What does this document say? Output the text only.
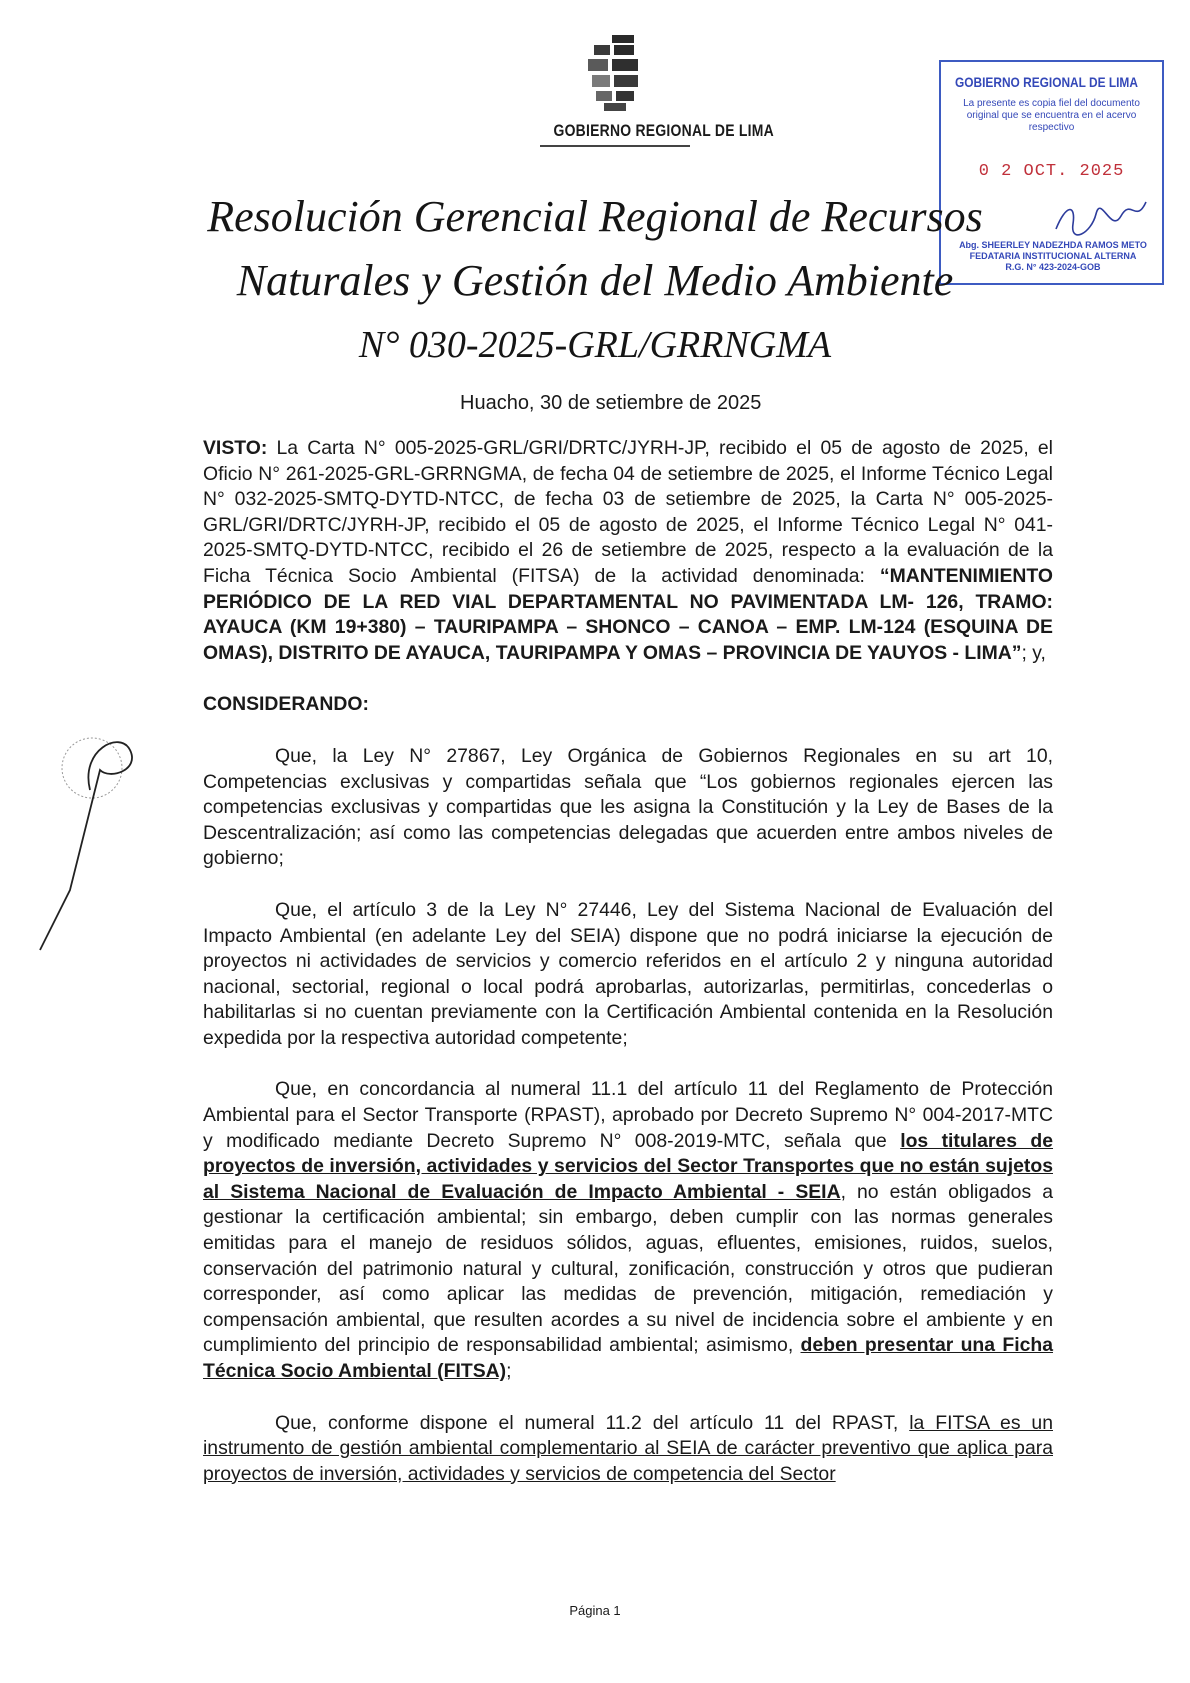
GOBIERNO REGIONAL DE LIMA
GOBIERNO REGIONAL DE LIMA
La presente es copia fiel del documento original que se encuentra en el acervo respectivo
0 2 OCT. 2025
Abg. SHEERLEY NADEZHDA RAMOS METO
FEDATARIA INSTITUCIONAL ALTERNA
R.G. N° 423-2024-GOB
Resolución Gerencial Regional de Recursos
Naturales y Gestión del Medio Ambiente
N° 030-2025-GRL/GRRNGMA
Huacho, 30 de setiembre de 2025

VISTO: La Carta N° 005-2025-GRL/GRI/DRTC/JYRH-JP, recibido el 05 de agosto de 2025, el Oficio N° 261-2025-GRL-GRRNGMA, de fecha 04 de setiembre de 2025, el Informe Técnico Legal N° 032-2025-SMTQ-DYTD-NTCC, de fecha 03 de setiembre de 2025, la Carta N° 005-2025-GRL/GRI/DRTC/JYRH-JP, recibido el 05 de agosto de 2025, el Informe Técnico Legal N° 041-2025-SMTQ-DYTD-NTCC, recibido el 26 de setiembre de 2025, respecto a la evaluación de la Ficha Técnica Socio Ambiental (FITSA) de la actividad denominada: “MANTENIMIENTO PERIÓDICO DE LA RED VIAL DEPARTAMENTAL NO PAVIMENTADA LM- 126, TRAMO: AYAUCA (KM 19+380) – TAURIPAMPA – SHONCO – CANOA – EMP. LM-124 (ESQUINA DE OMAS), DISTRITO DE AYAUCA, TAURIPAMPA Y OMAS – PROVINCIA DE YAUYOS - LIMA”; y,

CONSIDERANDO:

Que, la Ley N° 27867, Ley Orgánica de Gobiernos Regionales en su art 10, Competencias exclusivas y compartidas señala que “Los gobiernos regionales ejercen las competencias exclusivas y compartidas que les asigna la Constitución y la Ley de Bases de la Descentralización; así como las competencias delegadas que acuerden entre ambos niveles de gobierno;

Que, el artículo 3 de la Ley N° 27446, Ley del Sistema Nacional de Evaluación del Impacto Ambiental (en adelante Ley del SEIA) dispone que no podrá iniciarse la ejecución de proyectos ni actividades de servicios y comercio referidos en el artículo 2 y ninguna autoridad nacional, sectorial, regional o local podrá aprobarlas, autorizarlas, permitirlas, concederlas o habilitarlas si no cuentan previamente con la Certificación Ambiental contenida en la Resolución expedida por la respectiva autoridad competente;

Que, en concordancia al numeral 11.1 del artículo 11 del Reglamento de Protección Ambiental para el Sector Transporte (RPAST), aprobado por Decreto Supremo N° 004-2017-MTC y modificado mediante Decreto Supremo N° 008-2019-MTC, señala que los titulares de proyectos de inversión, actividades y servicios del Sector Transportes que no están sujetos al Sistema Nacional de Evaluación de Impacto Ambiental - SEIA, no están obligados a gestionar la certificación ambiental; sin embargo, deben cumplir con las normas generales emitidas para el manejo de residuos sólidos, aguas, efluentes, emisiones, ruidos, suelos, conservación del patrimonio natural y cultural, zonificación, construcción y otros que pudieran corresponder, así como aplicar las medidas de prevención, mitigación, remediación y compensación ambiental, que resulten acordes a su nivel de incidencia sobre el ambiente y en cumplimiento del principio de responsabilidad ambiental; asimismo, deben presentar una Ficha Técnica Socio Ambiental (FITSA);

Que, conforme dispone el numeral 11.2 del artículo 11 del RPAST, la FITSA es un instrumento de gestión ambiental complementario al SEIA de carácter preventivo que aplica para proyectos de inversión, actividades y servicios de competencia del Sector

Página 1
